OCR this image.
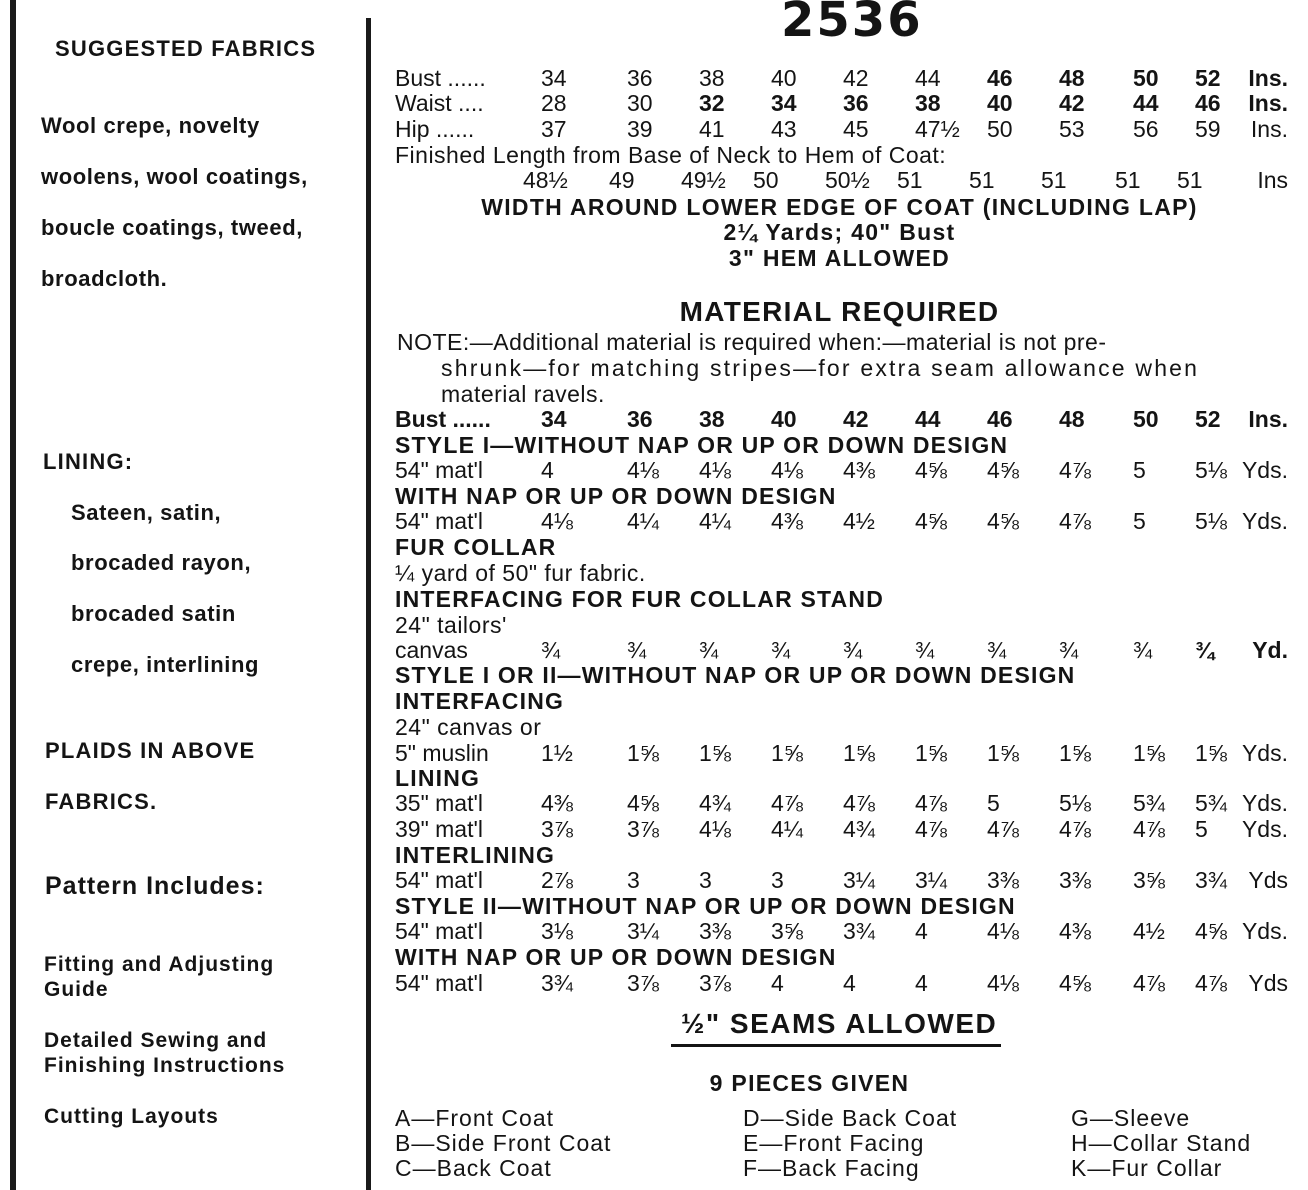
SUGGESTED FABRICS
Wool crepe, novelty
woolens, wool coatings,
boucle coatings, tweed,
broadcloth.
LINING:
Sateen, satin,
brocaded rayon,
brocaded satin
crepe, interlining
PLAIDS IN ABOVE
FABRICS.
Pattern Includes:
Fitting and Adjusting
Guide
Detailed Sewing and
Finishing Instructions
Cutting Layouts
2536
Bust ...... 34	36 38 40 42 44 46 48 50 52 Ins.
Waist .... 28	30 32 34 36 38 40 42 44 46 Ins.
Hip ......	37	39 41 43 45 47½ 50 53 56 59 Ins.
Finished Length from Base of Neck to Hem of Coat:
48½ 49 49½ 50 50½ 51 51 51 51 51 Ins
WIDTH AROUND LOWER EDGE OF COAT (INCLUDING LAP)
2¼ Yards; 40" Bust
3" HEM ALLOWED
MATERIAL REQUIRED
NOTE:—Additional material is required when:—material is not pre-
shrunk—for matching stripes—for extra seam allowance when
material ravels.
Bust ...... 34	36 38 40 42 44 46 48 50 52 Ins.
STYLE I—WITHOUT NAP OR UP OR DOWN DESIGN
54" mat'l	4	4⅛ 4⅛ 4⅛ 4⅜ 4⅝ 4⅝ 4⅞ 5 5⅛ Yds.
WITH NAP OR UP OR DOWN DESIGN
54" mat'l	4⅛ 4¼ 4¼ 4⅜ 4½ 4⅝ 4⅝ 4⅞ 5 5⅛ Yds.
FUR COLLAR
¼ yard of 50" fur fabric.
INTERFACING FOR FUR COLLAR STAND
24" tailors'
canvas	¾	¾ ¾ ¾ ¾ ¾ ¾ ¾ ¾ ¾ Yd.
STYLE I OR II—WITHOUT NAP OR UP OR DOWN DESIGN
INTERFACING
24" canvas or
5" muslin 1½ 1⅝ 1⅝ 1⅝ 1⅝ 1⅝ 1⅝ 1⅝ 1⅝ 1⅝ Yds.
LINING
35" mat'l	4⅜ 4⅝ 4¾ 4⅞ 4⅞ 4⅞ 5	5⅛ 5¾ 5¾ Yds.
39" mat'l	3⅞ 3⅞ 4⅛ 4¼ 4¾ 4⅞ 4⅞ 4⅞ 4⅞ 5 Yds.
INTERLINING
54" mat'l	2⅞ 3	3	3	3¼ 3¼ 3⅜ 3⅜ 3⅝ 3¾ Yds
STYLE II—WITHOUT NAP OR UP OR DOWN DESIGN
54" mat'l	3⅛ 3¼ 3⅜ 3⅝ 3¾ 4	4⅛ 4⅜ 4½ 4⅝ Yds.
WITH NAP OR UP OR DOWN DESIGN
54" mat'l	3¾ 3⅞ 3⅞ 4	4	4	4⅛ 4⅝ 4⅞ 4⅞ Yds
½" SEAMS ALLOWED
9 PIECES GIVEN
A—Front Coat
B—Side Front Coat
C—Back Coat
D—Side Back Coat
E—Front Facing
F—Back Facing
G—Sleeve
H—Collar Stand
K—Fur Collar
